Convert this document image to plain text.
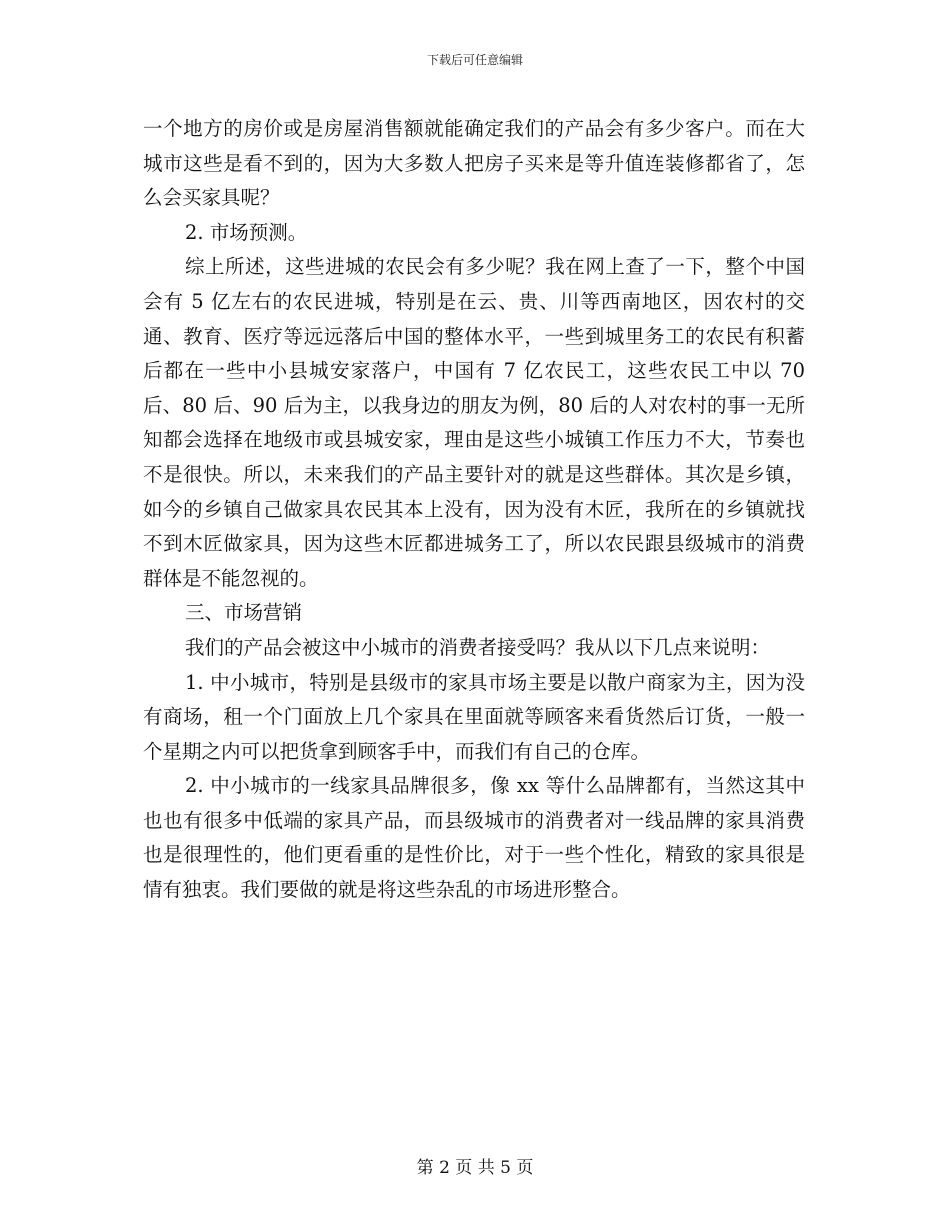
下载后可任意编辑

一个地方的房价或是房屋消售额就能确定我们的产品会有多少客户。而在大城市这些是看不到的，因为大多数人把房子买来是等升值连装修都省了，怎么会买家具呢？

2. 市场预测。

综上所述，这些进城的农民会有多少呢？我在网上查了一下，整个中国会有 5 亿左右的农民进城，特别是在云、贵、川等西南地区，因农村的交通、教育、医疗等远远落后中国的整体水平，一些到城里务工的农民有积蓄后都在一些中小县城安家落户，中国有 7 亿农民工，这些农民工中以 70 后、80 后、90 后为主，以我身边的朋友为例，80 后的人对农村的事一无所知都会选择在地级市或县城安家，理由是这些小城镇工作压力不大，节奏也不是很快。所以，未来我们的产品主要针对的就是这些群体。其次是乡镇，如今的乡镇自己做家具农民其本上没有，因为没有木匠，我所在的乡镇就找不到木匠做家具，因为这些木匠都进城务工了，所以农民跟县级城市的消费群体是不能忽视的。

三、市场营销

我们的产品会被这中小城市的消费者接受吗？我从以下几点来说明：

1. 中小城市，特别是县级市的家具市场主要是以散户商家为主，因为没有商场，租一个门面放上几个家具在里面就等顾客来看货然后订货，一般一个星期之内可以把货拿到顾客手中，而我们有自己的仓库。

2. 中小城市的一线家具品牌很多，像 xx 等什么品牌都有，当然这其中也也有很多中低端的家具产品，而县级城市的消费者对一线品牌的家具消费也是很理性的，他们更看重的是性价比，对于一些个性化，精致的家具很是情有独衷。我们要做的就是将这些杂乱的市场进形整合。

第 2 页 共 5 页
